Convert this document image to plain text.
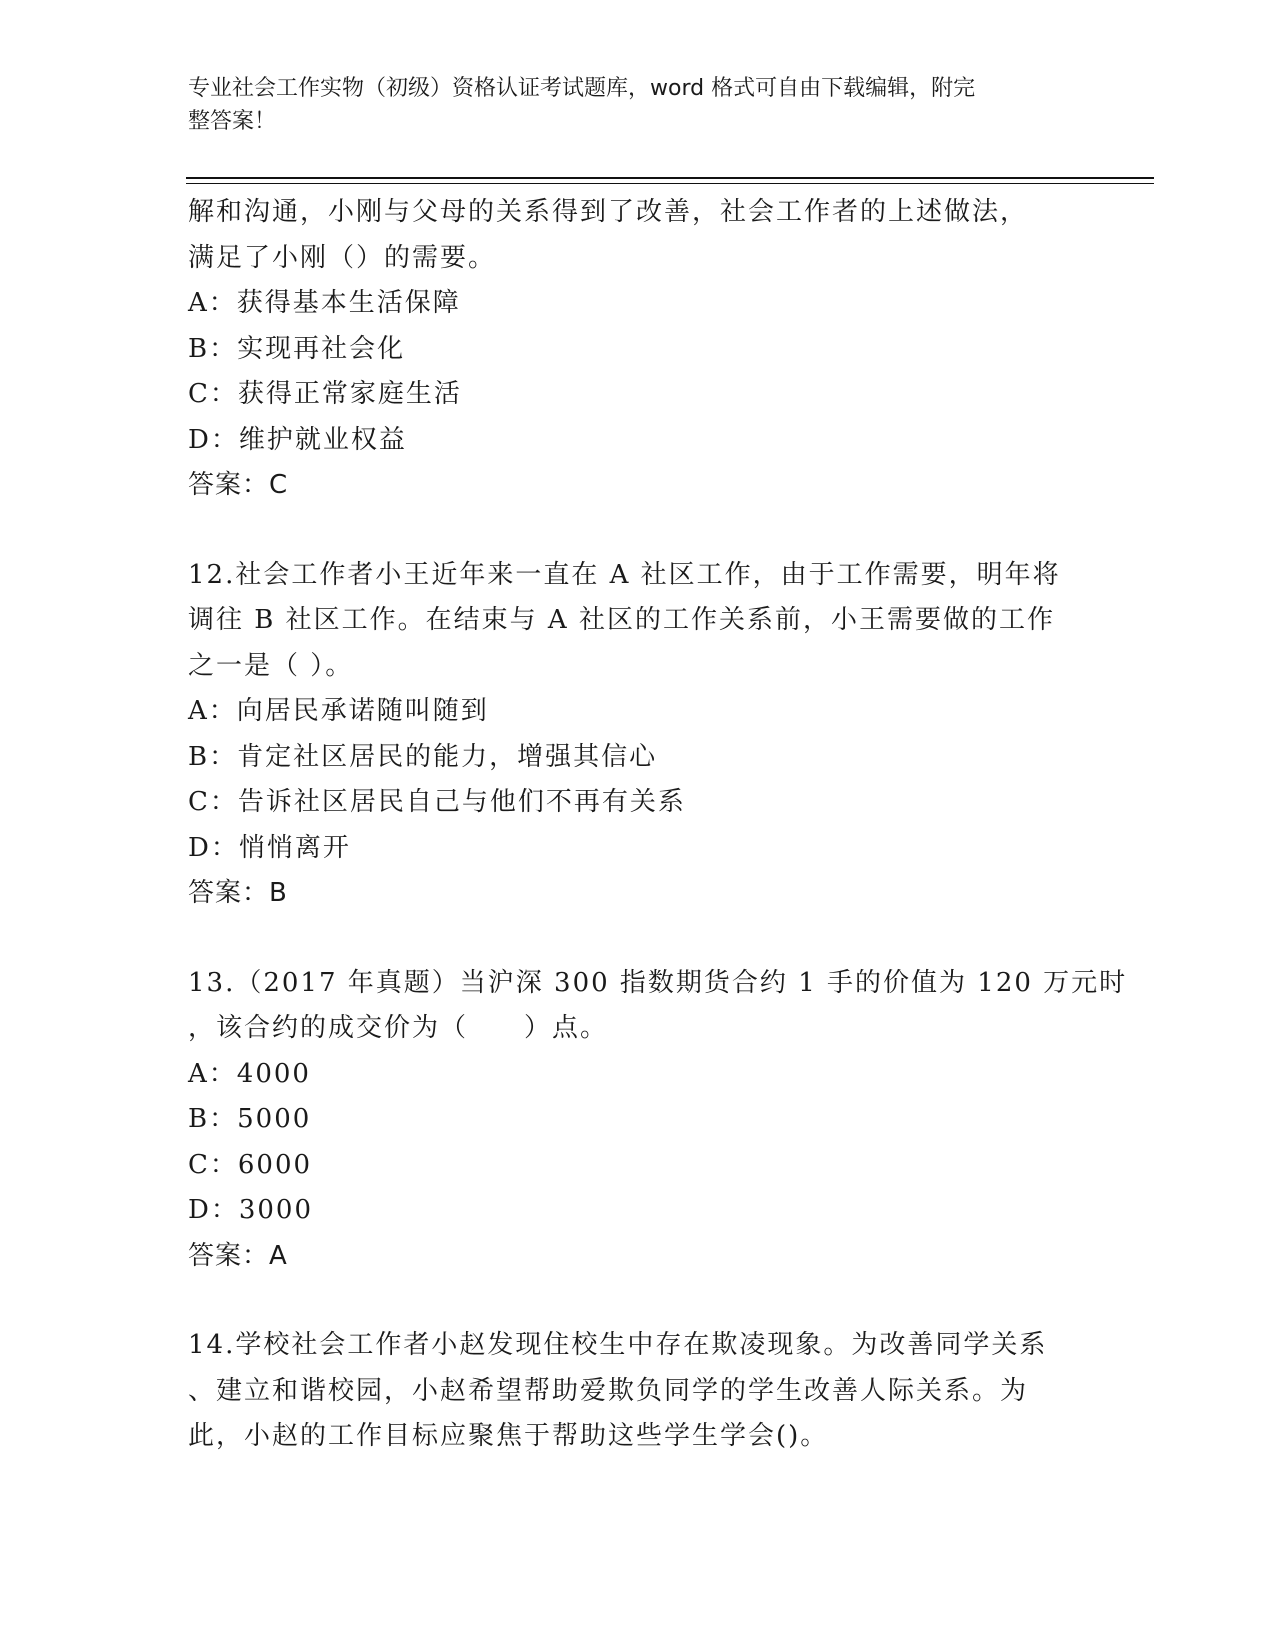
专业社会工作实物（初级）资格认证考试题库，word 格式可自由下载编辑，附完
整答案！
解和沟通，小刚与父母的关系得到了改善，社会工作者的上述做法，
满足了小刚（）的需要。
A：获得基本生活保障
B：实现再社会化
C：获得正常家庭生活
D：维护就业权益
答案：C
12.社会工作者小王近年来一直在 A 社区工作，由于工作需要，明年将
调往 B 社区工作。在结束与 A 社区的工作关系前，小王需要做的工作
之一是（ ）。
A：向居民承诺随叫随到
B：肯定社区居民的能力，增强其信心
C：告诉社区居民自己与他们不再有关系
D：悄悄离开
答案：B
13.（2017 年真题）当沪深 300 指数期货合约 1 手的价值为 120 万元时
，该合约的成交价为（　　）点。
A：4000
B：5000
C：6000
D：3000
答案：A
14.学校社会工作者小赵发现住校生中存在欺凌现象。为改善同学关系
、建立和谐校园，小赵希望帮助爱欺负同学的学生改善人际关系。为
此，小赵的工作目标应聚焦于帮助这些学生学会()。
